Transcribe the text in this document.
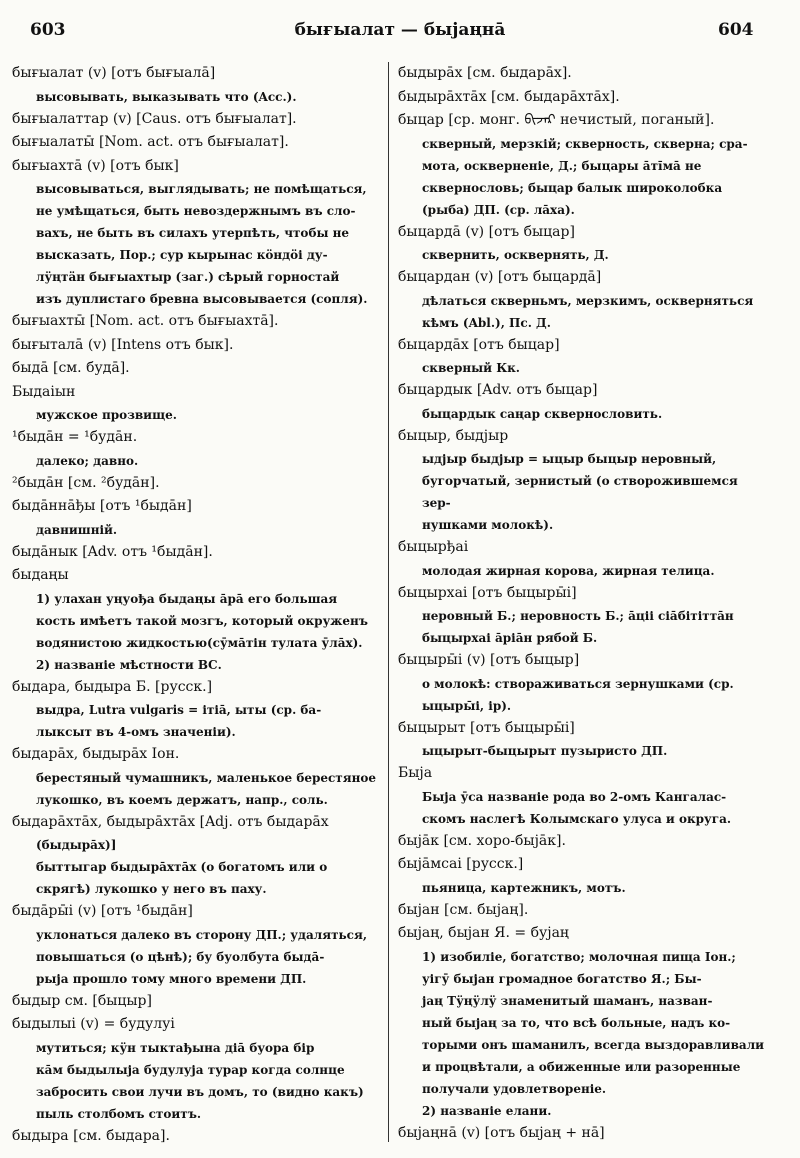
603	бығыалат — быјаңна̄	604

бығыалат (v) [отъ бығыала̄]

высовывать, выказывать что (Acc.).

бығыалаттар (v) [Caus. отъ бығыалат].

бығыалаты̄ [Nom. act. отъ бығыалат].

бығыахта̄ (v) [отъ бык]

высовываться, выглядывать; не помѣщаться,

не умѣщаться, быть невоздержнымъ въ сло-

вахъ, не быть въ силахъ утерпѣть, чтобы не

высказать, Пор.; сур кырынас кӧндӧі ду-

лӱңтӓн бығыахтыр (заг.) сѣрый горностай

изъ дуплистаго бревна высовывается (сопля).

бығыахты̄ [Nom. act. отъ бығыахта̄].

бығытала̄ (v) [Intens отъ бык].

быда̄ [см. буда̄].

Быдаіын

мужское прозвище.

¹быда̄н = ¹буда̄н.

далеко; давно.

²быда̄н [см. ²буда̄н].

быда̄нна̄ђы [отъ ¹быда̄н]

давнишній.

быда̄нык [Adv. отъ ¹быда̄н].

быдаңы

1) улахан уңуођа быдаңы а̄ра̄ его большая

кость имѣетъ такой мозгъ, который окруженъ

водянистою жидкостью(сӯма̄тін тулата ӯла̄х).

2) названіе мѣстности ВС.

быдара, быдыра Б. [русск.]

выдра, Lutra vulgaris = ітіа̄, ыты (ср. ба-

лыксыт въ 4-омъ значеніи).

быдара̄х, быдыра̄х Іон.

берестяный чумашникъ, маленькое берестяное

лукошко, въ коемъ держатъ, напр., соль.

быдара̄хта̄х, быдыра̄хта̄х [Adj. отъ быдара̄х

(быдыра̄х)]

быттыгар быдыра̄хта̄х (о богатомъ или о

скрягѣ) лукошко у него въ паху.

быда̄ры̄і (v) [отъ ¹быда̄н]

уклонаться далеко въ сторону ДП.; удаляться,

повышаться (о цѣнѣ); бу буолбута быда̄-

рыја прошло тому много времени ДП.

быдыр см. [быцыр]

быдылыі (v) = будулуі

мутиться; кӱн тыктађына діа̄ буора бір

ка̄м быдылыја будулуја турар когда солнце

забросить свои лучи въ домъ, то (видно какъ)

пыль столбомъ стоитъ.

быдыра [см. быдара].

быдыра̄х [см. быдара̄х].

быдыра̄хта̄х [см. быдара̄хта̄х].

быцар [ср. монг. ᠪᠢᠵᠠᠷ нечистый, поганый].

скверный, мерзкій; скверность, скверна; сра-

мота, оскверненіе, Д.; быцары а̄ті̄ма̄ не

сквернословь; быцар балык широколобка

(рыба) ДП. (ср. ла̄ха).

быцарда̄ (v) [отъ быцар]

сквернить, осквернять, Д.

быцардан (v) [отъ быцарда̄]

дѣлаться скверньмъ, мерзкимъ, оскверняться

кѣмъ (Abl.), Пс. Д.

быцарда̄х [отъ быцар]

скверный Кк.

быцардык [Adv. отъ быцар]

быцардык саңар сквернословить.

быцыр, быдјыр

ыдјыр быдјыр = ыцыр быцыр неровный,

бугорчатый, зернистый (о створожившемся зер-

нушками молокѣ).

быцыpђаі

молодая жирная корова, жирная телица.

быцырхаі [отъ быцыры̄і]

неровный Б.; неровность Б.; а̄ціі сіа̄бітітта̄н

быцырхаі а̄ріа̄н рябой Б.

быцыры̄і (v) [отъ быцыр]

о молокѣ: створаживаться зернушками (ср.

ыцыры̄і, ір).

быцырыт [отъ быцыры̄і]

ыцырыт-быцырыт пузыристо ДП.

Быја

Быја ӯса названіе рода во 2-омъ Кангалас-

скомъ наслегѣ Колымскаго улуса и округа.

быја̄к [см. хоро-быја̄к].

быја̄мсаі [русск.]

пьяница, картежникъ, мотъ.

быјан [см. быјаң].

быјаң, быјан Я. = бујаң

1) изобиліе, богатство; молочная пища Іон.;

уігӯ быјан громадное богатство Я.; Бы-

јаң Тӱңӱлӱ знаменитый шаманъ, назван-

ный быјаң за то, что всѣ больные, надъ ко-

торыми онъ шаманилъ, всегда выздоравливали

и процвѣтали, а обиженные или разоренные

получали удовлетвореніе.

2) названіе елани.

быјаңна̄ (v) [отъ быјаң + на̄]
